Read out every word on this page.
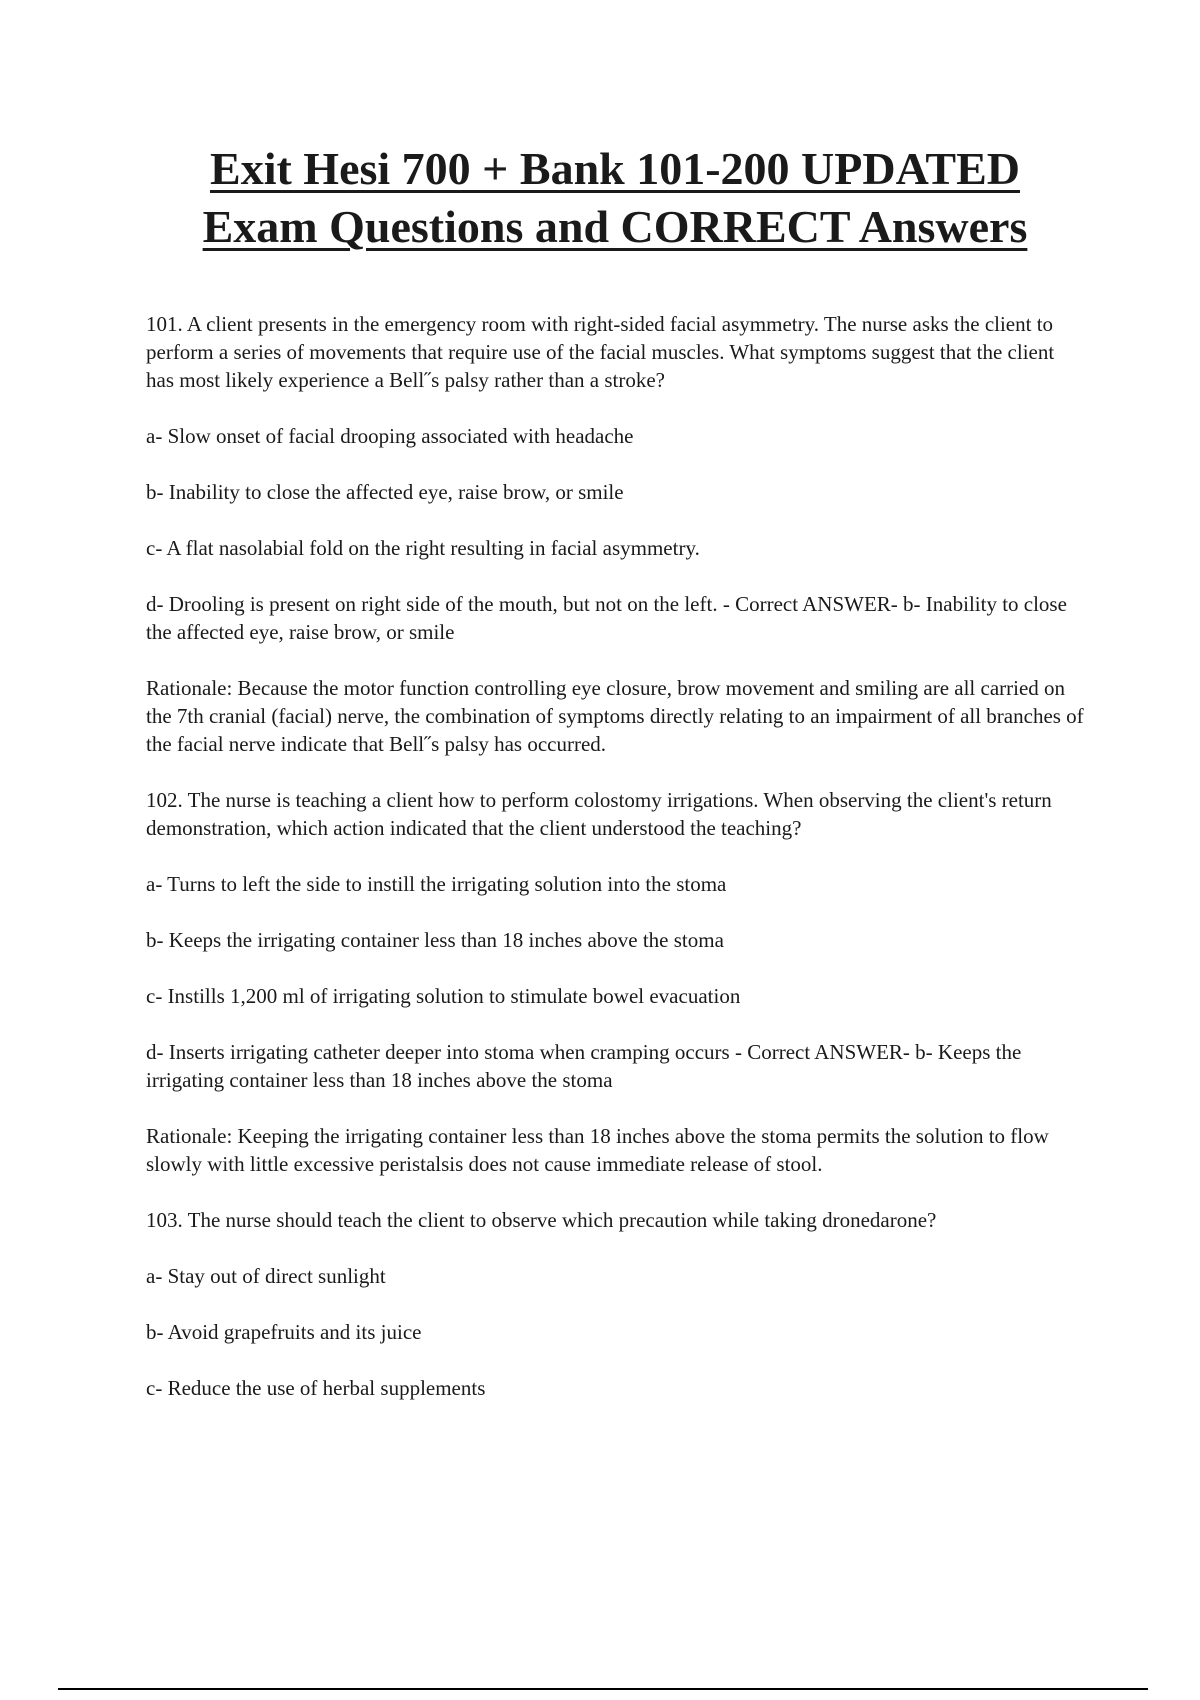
Exit Hesi 700 + Bank 101-200 UPDATED
Exam Questions and CORRECT Answers

101. A client presents in the emergency room with right-sided facial asymmetry. The nurse asks the client to perform a series of movements that require use of the facial muscles. What symptoms suggest that the client has most likely experience a Bell˝s palsy rather than a stroke?

a- Slow onset of facial drooping associated with headache

b- Inability to close the affected eye, raise brow, or smile

c- A flat nasolabial fold on the right resulting in facial asymmetry.

d- Drooling is present on right side of the mouth, but not on the left. - Correct ANSWER- b- Inability to close the affected eye, raise brow, or smile

Rationale: Because the motor function controlling eye closure, brow movement and smiling are all carried on the 7th cranial (facial) nerve, the combination of symptoms directly relating to an impairment of all branches of the facial nerve indicate that Bell˝s palsy has occurred.

102. The nurse is teaching a client how to perform colostomy irrigations. When observing the client's return demonstration, which action indicated that the client understood the teaching?

a- Turns to left the side to instill the irrigating solution into the stoma

b- Keeps the irrigating container less than 18 inches above the stoma

c- Instills 1,200 ml of irrigating solution to stimulate bowel evacuation

d- Inserts irrigating catheter deeper into stoma when cramping occurs - Correct ANSWER- b- Keeps the irrigating container less than 18 inches above the stoma

Rationale: Keeping the irrigating container less than 18 inches above the stoma permits the solution to flow slowly with little excessive peristalsis does not cause immediate release of stool.

103. The nurse should teach the client to observe which precaution while taking dronedarone?

a- Stay out of direct sunlight

b- Avoid grapefruits and its juice

c- Reduce the use of herbal supplements
